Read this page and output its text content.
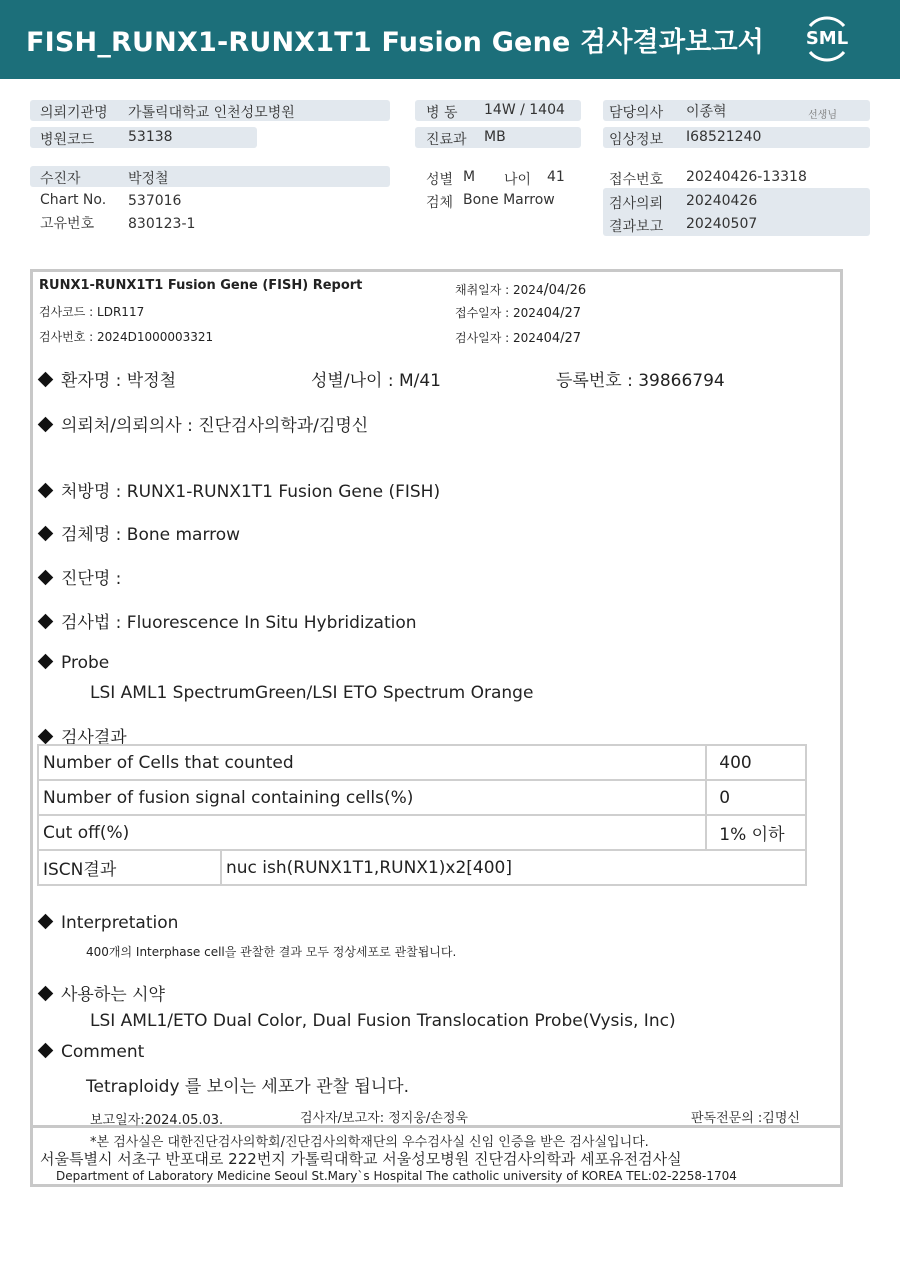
FISH_RUNX1-RUNX1T1 Fusion Gene 검사결과보고서 SML
의뢰기관명 가톨릭대학교 인천성모병원	병 동 14W / 1404	담당의사 이종혁	선생님
병원코드 53138	진료과 MB	임상정보 I68521240
수진자	박정철	성별 M 나이 41	접수번호 20240426-13318
Chart No. 537016	검체 Bone Marrow	검사의뢰 20240426
고유번호 830123-1	결과보고 20240507
RUNX1-RUNX1T1 Fusion Gene (FISH) Report
검사코드 : LDR117
검사번호 : 2024D1000003321
채취일자 : 2024/04/26
접수일자 : 202404/27
검사일자 : 202404/27
환자명 : 박정철	성별/나이 : M/41	등록번호 : 39866794
의뢰처/의뢰의사 : 진단검사의학과/김명신
처방명 : RUNX1-RUNX1T1 Fusion Gene (FISH)
검체명 : Bone marrow
진단명 :
검사법 : Fluorescence In Situ Hybridization
Probe
LSI AML1 SpectrumGreen/LSI ETO Spectrum Orange
검사결과
Number of Cells that counted		400
Number of fusion signal containing cells(%)		0
Cut off(%)		1% 이하
ISCN결과	nuc ish(RUNX1T1,RUNX1)x2[400]	
Interpretation
400개의 Interphase cell을 관찰한 결과 모두 정상세포로 관찰됩니다.
사용하는 시약
LSI AML1/ETO Dual Color, Dual Fusion Translocation Probe(Vysis, Inc)
Comment
Tetraploidy 를 보이는 세포가 관찰 됩니다.
보고일자:2024.05.03.	검사자/보고자: 정지웅/손정욱	판독전문의 :김명신
*본 검사실은 대한진단검사의학회/진단검사의학재단의 우수검사실 신임 인증을 받은 검사실입니다.
서울특별시 서초구 반포대로 222번지 가톨릭대학교 서울성모병원 진단검사의학과 세포유전검사실
Department of Laboratory Medicine Seoul St.Mary`s Hospital The catholic university of KOREA TEL:02-2258-1704
